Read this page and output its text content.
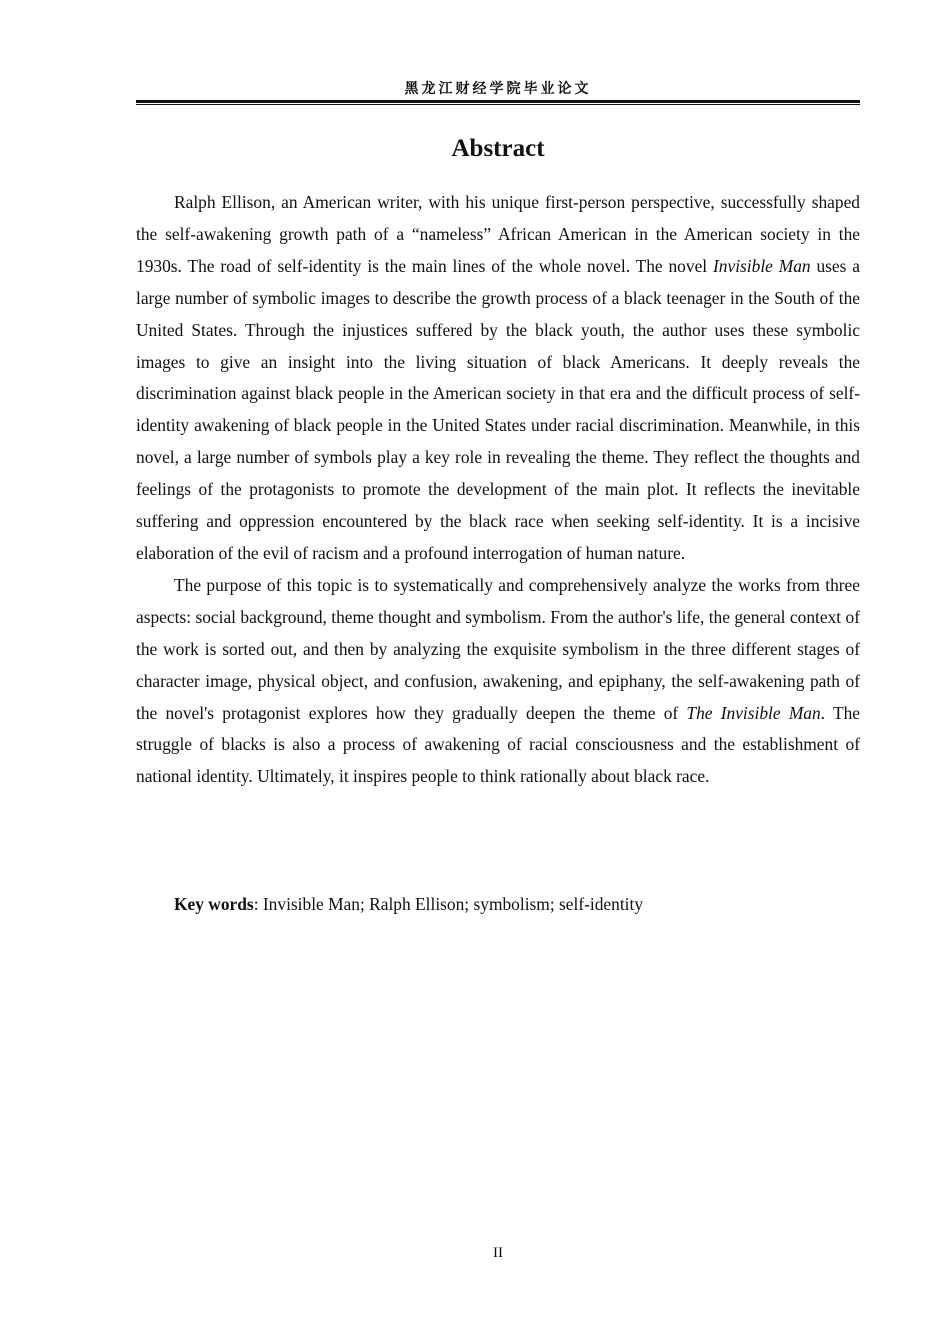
黑龙江财经学院毕业论文
Abstract

Ralph Ellison, an American writer, with his unique first-person perspective, successfully shaped the self-awakening growth path of a “nameless” African American in the American society in the 1930s. The road of self-identity is the main lines of the whole novel. The novel Invisible Man uses a large number of symbolic images to describe the growth process of a black teenager in the South of the United States. Through the injustices suffered by the black youth, the author uses these symbolic images to give an insight into the living situation of black Americans. It deeply reveals the discrimination against black people in the American society in that era and the difficult process of self-identity awakening of black people in the United States under racial discrimination. Meanwhile, in this novel, a large number of symbols play a key role in revealing the theme. They reflect the thoughts and feelings of the protagonists to promote the development of the main plot. It reflects the inevitable suffering and oppression encountered by the black race when seeking self-identity. It is a incisive elaboration of the evil of racism and a profound interrogation of human nature.

The purpose of this topic is to systematically and comprehensively analyze the works from three aspects: social background, theme thought and symbolism. From the author's life, the general context of the work is sorted out, and then by analyzing the exquisite symbolism in the three different stages of character image, physical object, and confusion, awakening, and epiphany, the self-awakening path of the novel's protagonist explores how they gradually deepen the theme of The Invisible Man. The struggle of blacks is also a process of awakening of racial consciousness and the establishment of national identity. Ultimately, it inspires people to think rationally about black race.

Key words: Invisible Man; Ralph Ellison; symbolism; self-identity
II
